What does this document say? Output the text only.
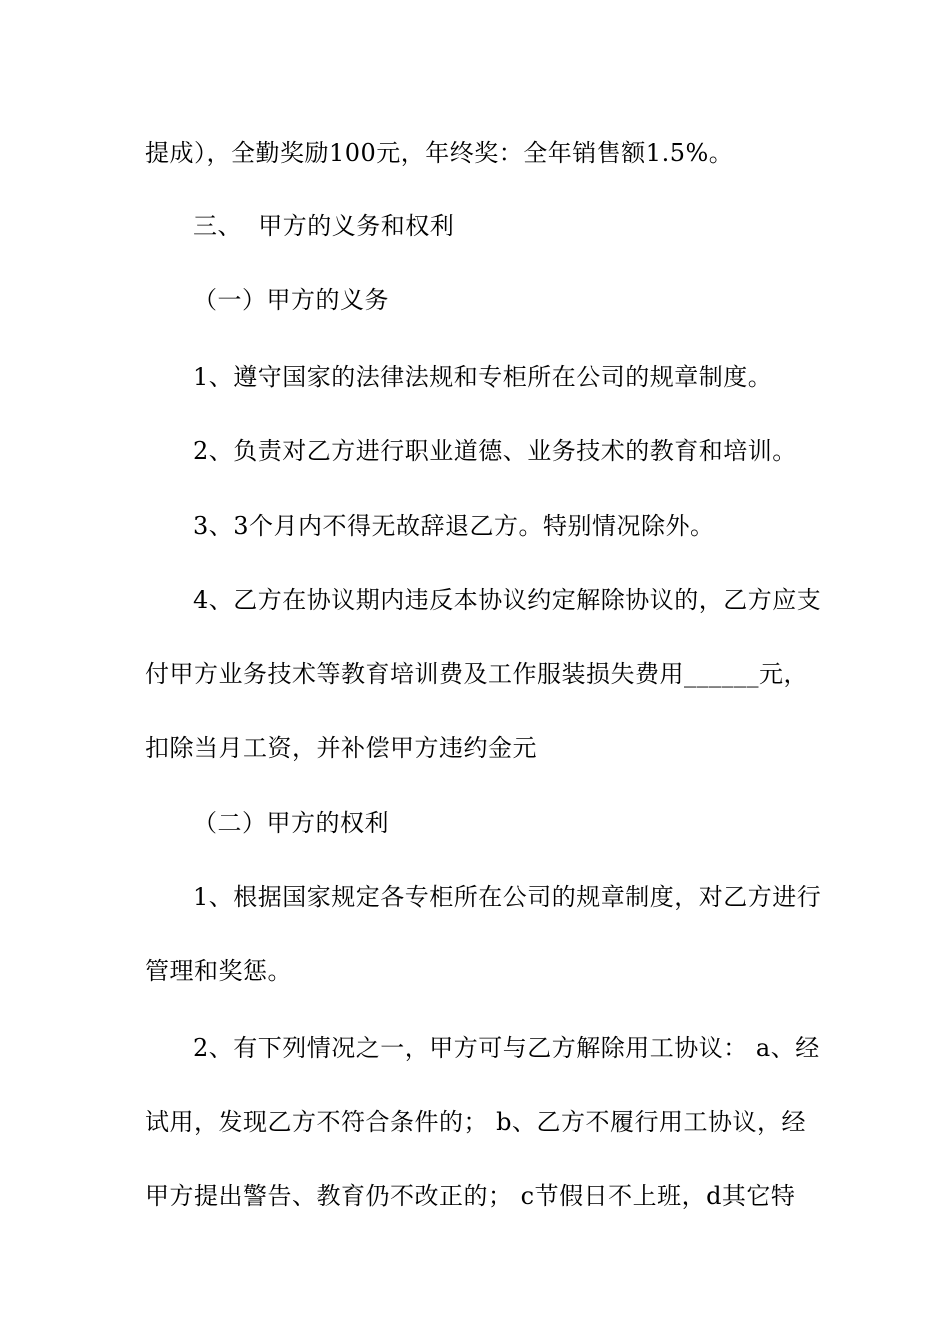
提成），全勤奖励100元，年终奖：全年销售额1.5%。
三、  甲方的义务和权利
（一）甲方的义务
1、遵守国家的法律法规和专柜所在公司的规章制度。
2、负责对乙方进行职业道德、业务技术的教育和培训。
3、3个月内不得无故辞退乙方。特别情况除外。
4、乙方在协议期内违反本协议约定解除协议的，乙方应支
付甲方业务技术等教育培训费及工作服装损失费用______元，
扣除当月工资，并补偿甲方违约金元
（二）甲方的权利
1、根据国家规定各专柜所在公司的规章制度，对乙方进行
管理和奖惩。
2、有下列情况之一，甲方可与乙方解除用工协议： a、经
试用，发现乙方不符合条件的； b、乙方不履行用工协议，经
甲方提出警告、教育仍不改正的； c节假日不上班，d其它特
